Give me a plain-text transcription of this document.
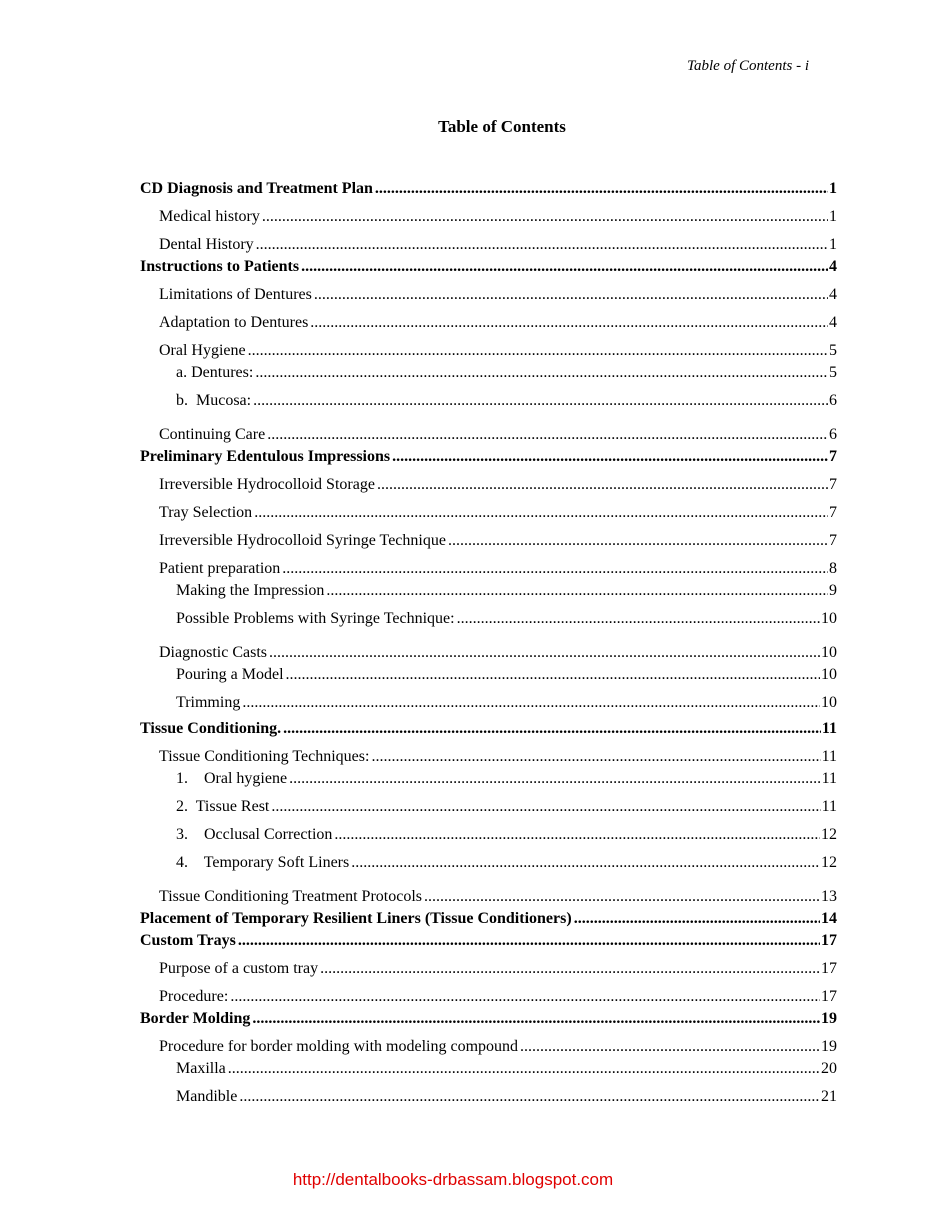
Table of Contents - i
Table of Contents
CD Diagnosis and Treatment Plan .....	1
Medical history .....	1
Dental History .....	1
Instructions to Patients .....	4
Limitations of Dentures .....	4
Adaptation to Dentures .....	4
Oral Hygiene .....	5
a. Dentures: .....	5
b.  Mucosa: .....	6
Continuing Care .....	6
Preliminary Edentulous Impressions .....	7
Irreversible Hydrocolloid Storage .....	7
Tray Selection .....	7
Irreversible Hydrocolloid Syringe Technique .....	7
Patient preparation .....	8
Making the Impression .....	9
Possible Problems with Syringe Technique: .....	10
Diagnostic Casts .....	10
Pouring a Model .....	10
Trimming .....	10
Tissue Conditioning. .....	11
Tissue Conditioning Techniques: .....	11
1.    Oral hygiene .....	11
2.  Tissue Rest .....	11
3.    Occlusal Correction .....	12
4.    Temporary Soft Liners .....	12
Tissue Conditioning Treatment Protocols .....	13
Placement of Temporary Resilient Liners (Tissue Conditioners) .....	14
Custom Trays .....	17
Purpose of a custom tray .....	17
Procedure: .....	17
Border Molding .....	19
Procedure for border molding with modeling compound .....	19
Maxilla .....	20
Mandible .....	21
http://dentalbooks-drbassam.blogspot.com
